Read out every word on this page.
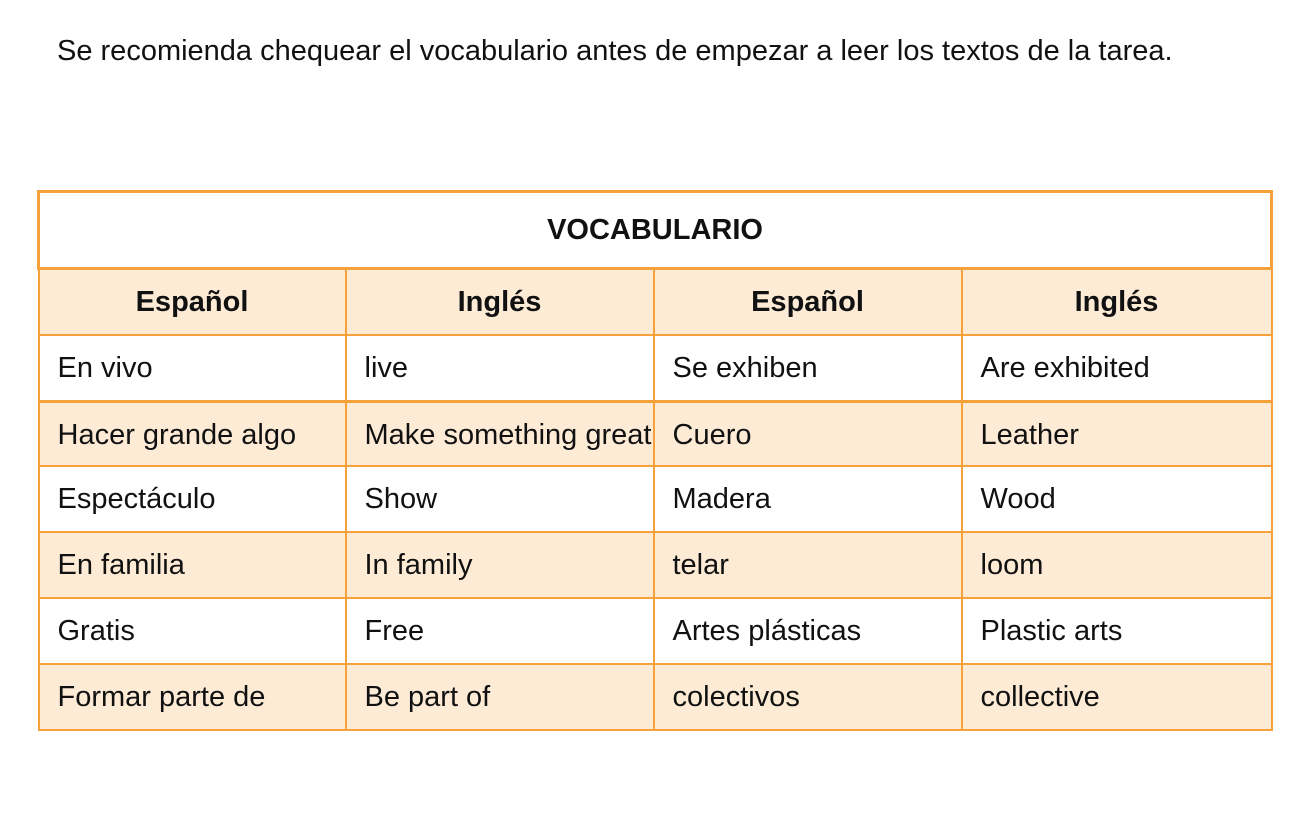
Se recomienda chequear el vocabulario antes de empezar a leer los textos de la tarea.

VOCABULARIO			
Español	Inglés	Español	Inglés
En vivo	live	Se exhiben	Are exhibited
Hacer grande algo	Make something great	Cuero	Leather
Espectáculo	Show	Madera	Wood
En familia	In family	telar	loom
Gratis	Free	Artes plásticas	Plastic arts
Formar parte de	Be part of	colectivos	collective
